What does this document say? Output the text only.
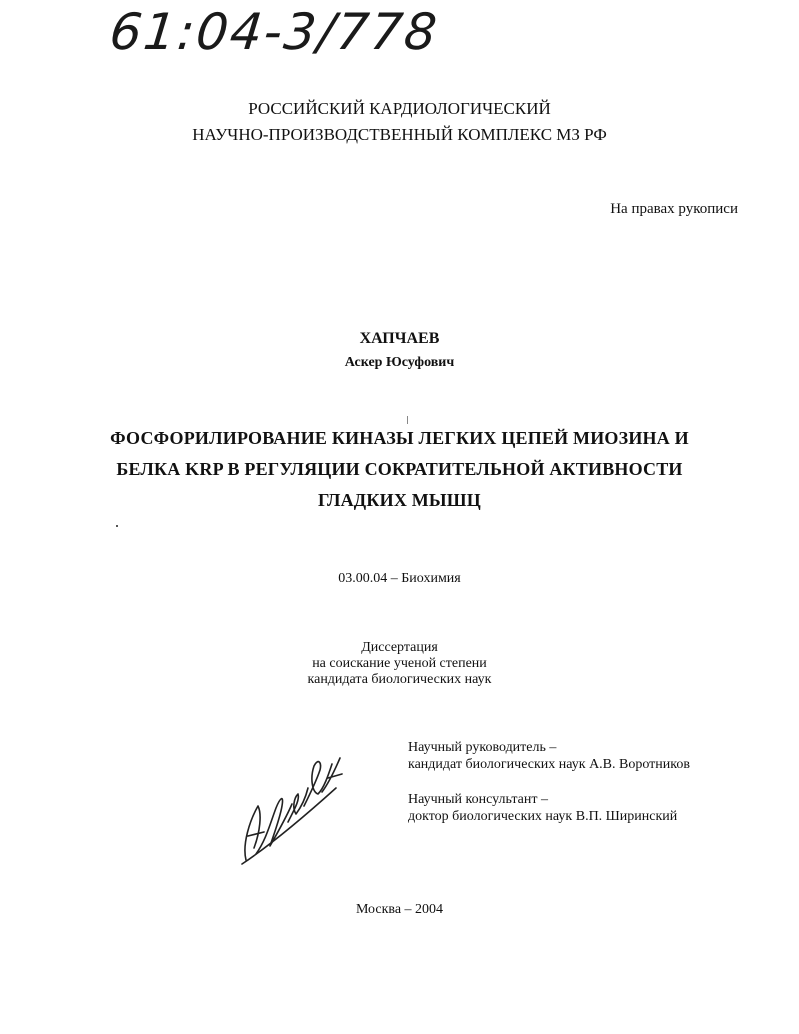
61:04-3/778
РОССИЙСКИЙ КАРДИОЛОГИЧЕСКИЙ
НАУЧНО-ПРОИЗВОДСТВЕННЫЙ КОМПЛЕКС МЗ РФ
На правах рукописи
ХАПЧАЕВ
Аскер Юсуфович
ФОСФОРИЛИРОВАНИЕ КИНАЗЫ ЛЕГКИХ ЦЕПЕЙ МИОЗИНА И
БЕЛКА KRP В РЕГУЛЯЦИИ СОКРАТИТЕЛЬНОЙ АКТИВНОСТИ
ГЛАДКИХ МЫШЦ
03.00.04 – Биохимия
Диссертация
на соискание ученой степени
кандидата биологических наук
Научный руководитель –
кандидат биологических наук А.В. Воротников
Научный консультант –
доктор биологических наук В.П. Ширинский
Москва – 2004
